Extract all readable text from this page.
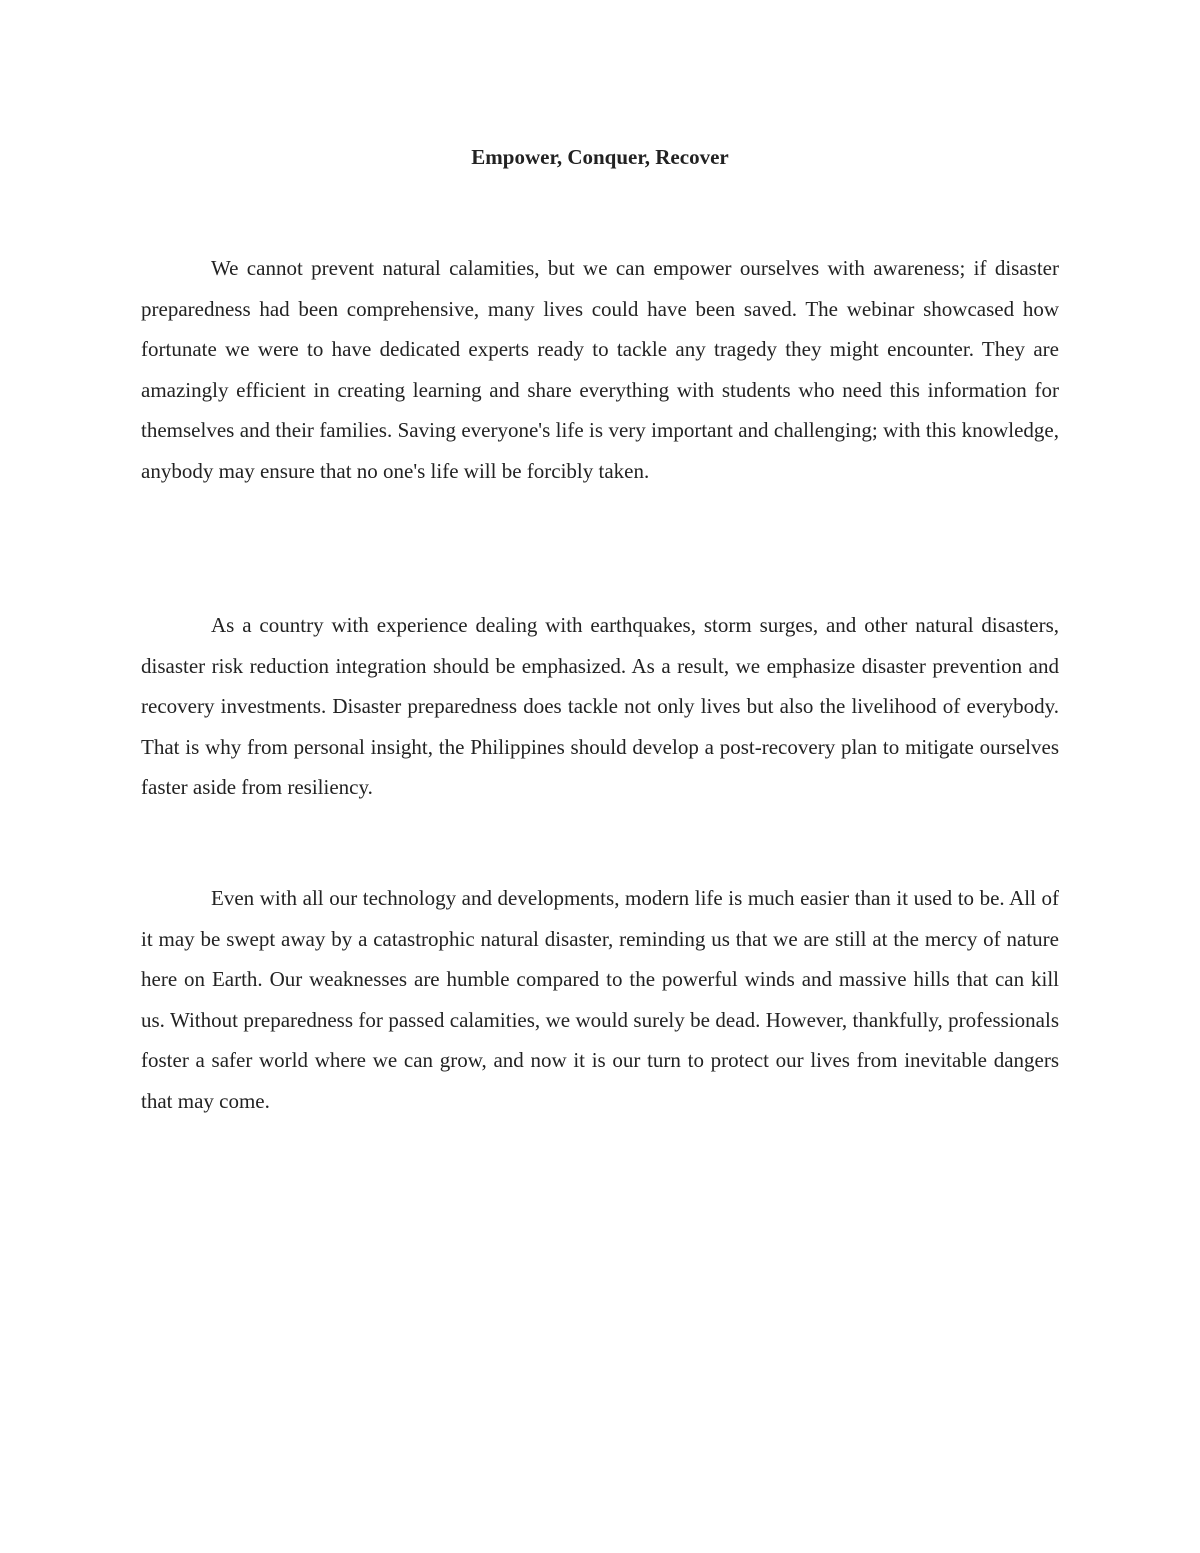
Empower, Conquer, Recover

We cannot prevent natural calamities, but we can empower ourselves with awareness; if disaster preparedness had been comprehensive, many lives could have been saved. The webinar showcased how fortunate we were to have dedicated experts ready to tackle any tragedy they might encounter. They are amazingly efficient in creating learning and share everything with students who need this information for themselves and their families. Saving everyone's life is very important and challenging; with this knowledge, anybody may ensure that no one's life will be forcibly taken.

As a country with experience dealing with earthquakes, storm surges, and other natural disasters, disaster risk reduction integration should be emphasized. As a result, we emphasize disaster prevention and recovery investments. Disaster preparedness does tackle not only lives but also the livelihood of everybody. That is why from personal insight, the Philippines should develop a post-recovery plan to mitigate ourselves faster aside from resiliency.

Even with all our technology and developments, modern life is much easier than it used to be. All of it may be swept away by a catastrophic natural disaster, reminding us that we are still at the mercy of nature here on Earth. Our weaknesses are humble compared to the powerful winds and massive hills that can kill us. Without preparedness for passed calamities, we would surely be dead. However, thankfully, professionals foster a safer world where we can grow, and now it is our turn to protect our lives from inevitable dangers that may come.
